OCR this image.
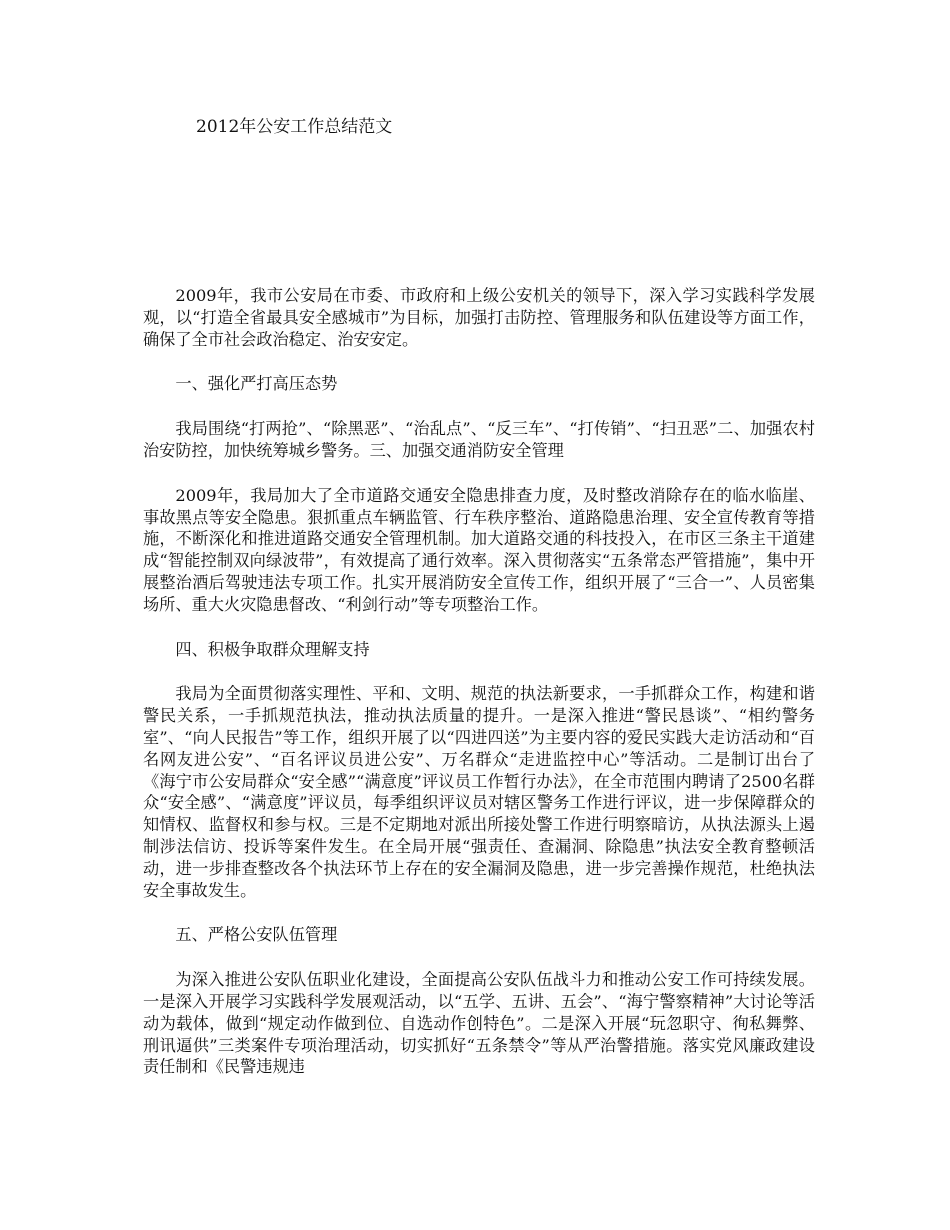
2012年公安工作总结范文

2009年，我市公安局在市委、市政府和上级公安机关的领导下，深入学习实践科学发展观，以“打造全省最具安全感城市”为目标，加强打击防控、管理服务和队伍建设等方面工作，确保了全市社会政治稳定、治安安定。

一、强化严打高压态势

我局围绕“打两抢”、“除黑恶”、“治乱点”、“反三车”、“打传销”、“扫丑恶”二、加强农村治安防控，加快统筹城乡警务。三、加强交通消防安全管理

2009年，我局加大了全市道路交通安全隐患排查力度，及时整改消除存在的临水临崖、事故黑点等安全隐患。狠抓重点车辆监管、行车秩序整治、道路隐患治理、安全宣传教育等措施，不断深化和推进道路交通安全管理机制。加大道路交通的科技投入，在市区三条主干道建成“智能控制双向绿波带”，有效提高了通行效率。深入贯彻落实“五条常态严管措施”，集中开展整治酒后驾驶违法专项工作。扎实开展消防安全宣传工作，组织开展了“三合一”、人员密集场所、重大火灾隐患督改、“利剑行动”等专项整治工作。

四、积极争取群众理解支持

我局为全面贯彻落实理性、平和、文明、规范的执法新要求，一手抓群众工作，构建和谐警民关系，一手抓规范执法，推动执法质量的提升。一是深入推进“警民恳谈”、“相约警务室”、“向人民报告”等工作，组织开展了以“四进四送”为主要内容的爱民实践大走访活动和“百名网友进公安”、“百名评议员进公安”、万名群众“走进监控中心”等活动。二是制订出台了《海宁市公安局群众“安全感”“满意度”评议员工作暂行办法》，在全市范围内聘请了2500名群众“安全感”、“满意度”评议员，每季组织评议员对辖区警务工作进行评议，进一步保障群众的知情权、监督权和参与权。三是不定期地对派出所接处警工作进行明察暗访，从执法源头上遏制涉法信访、投诉等案件发生。在全局开展“强责任、查漏洞、除隐患”执法安全教育整顿活动，进一步排查整改各个执法环节上存在的安全漏洞及隐患，进一步完善操作规范，杜绝执法安全事故发生。

五、严格公安队伍管理

为深入推进公安队伍职业化建设，全面提高公安队伍战斗力和推动公安工作可持续发展。一是深入开展学习实践科学发展观活动，以“五学、五讲、五会”、“海宁警察精神”大讨论等活动为载体，做到“规定动作做到位、自选动作创特色”。二是深入开展“玩忽职守、徇私舞弊、刑讯逼供”三类案件专项治理活动，切实抓好“五条禁令”等从严治警措施。落实党风廉政建设责任制和《民警违规违
